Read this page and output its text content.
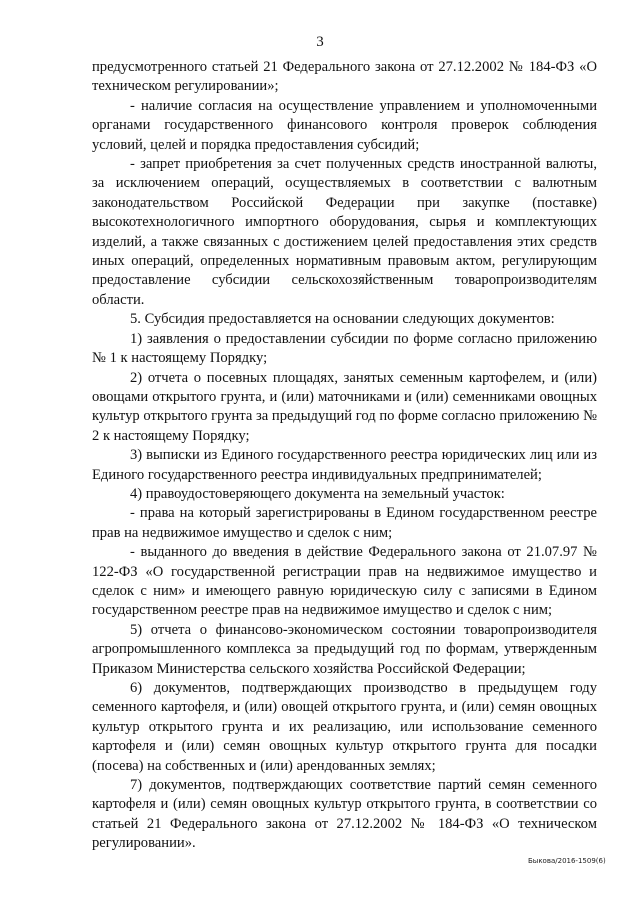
3

предусмотренного статьей 21 Федерального закона от 27.12.2002 № 184-ФЗ «О техническом регулировании»;

- наличие согласия на осуществление управлением и уполномоченными органами государственного финансового контроля проверок соблюдения условий, целей и порядка предоставления субсидий;

- запрет приобретения за счет полученных средств иностранной валюты, за исключением операций, осуществляемых в соответствии с валютным законодательством Российской Федерации при закупке (поставке) высокотехнологичного импортного оборудования, сырья и комплектующих изделий, а также связанных с достижением целей предоставления этих средств иных операций, определенных нормативным правовым актом, регулирующим предоставление субсидии сельскохозяйственным товаропроизводителям области.

5. Субсидия предоставляется на основании следующих документов:

1) заявления о предоставлении субсидии по форме согласно приложению № 1 к настоящему Порядку;

2) отчета о посевных площадях, занятых семенным картофелем, и (или) овощами открытого грунта, и (или) маточниками и (или) семенниками овощных культур открытого грунта за предыдущий год по форме согласно приложению № 2 к настоящему Порядку;

3) выписки из Единого государственного реестра юридических лиц или из Единого государственного реестра индивидуальных предпринимателей;

4) правоудостоверяющего документа на земельный участок:

- права на который зарегистрированы в Едином государственном реестре прав на недвижимое имущество и сделок с ним;

- выданного до введения в действие Федерального закона от 21.07.97 № 122-ФЗ «О государственной регистрации прав на недвижимое имущество и сделок с ним» и имеющего равную юридическую силу с записями в Едином государственном реестре прав на недвижимое имущество и сделок с ним;

5) отчета о финансово-экономическом состоянии товаропроизводителя агропромышленного комплекса за предыдущий год по формам, утвержденным Приказом Министерства сельского хозяйства Российской Федерации;

6) документов, подтверждающих производство в предыдущем году семенного картофеля, и (или) овощей открытого грунта, и (или) семян овощных культур открытого грунта и их реализацию, или использование семенного картофеля и (или) семян овощных культур открытого грунта для посадки (посева) на собственных и (или) арендованных землях;

7) документов, подтверждающих соответствие партий семян семенного картофеля и (или) семян овощных культур открытого грунта, в соответствии со статьей 21 Федерального закона от 27.12.2002 № 184-ФЗ «О техническом регулировании».

Быкова/2016-1509(6)
